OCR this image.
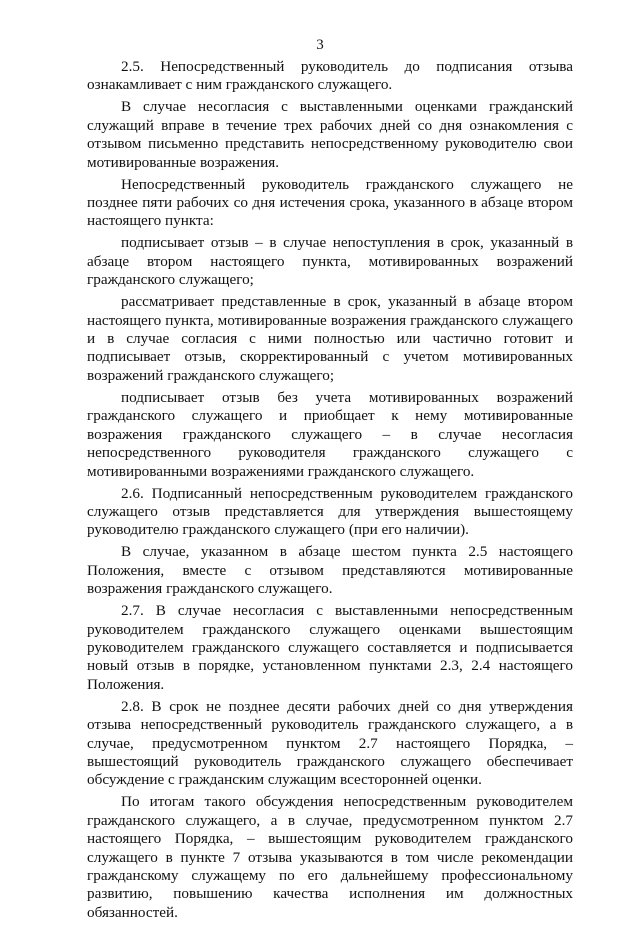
3

2.5. Непосредственный руководитель до подписания отзыва ознакамливает с ним гражданского служащего.

В случае несогласия с выставленными оценками гражданский служащий вправе в течение трех рабочих дней со дня ознакомления с отзывом письменно представить непосредственному руководителю свои мотивированные возражения.

Непосредственный руководитель гражданского служащего не позднее пяти рабочих со дня истечения срока, указанного в абзаце втором настоящего пункта:

подписывает отзыв – в случае непоступления в срок, указанный в абзаце втором настоящего пункта, мотивированных возражений гражданского служащего;

рассматривает представленные в срок, указанный в абзаце втором настоящего пункта, мотивированные возражения гражданского служащего и в случае согласия с ними полностью или частично готовит и подписывает отзыв, скорректированный с учетом мотивированных возражений гражданского служащего;

подписывает отзыв без учета мотивированных возражений гражданского служащего и приобщает к нему мотивированные возражения гражданского служащего – в случае несогласия непосредственного руководителя гражданского служащего с мотивированными возражениями гражданского служащего.

2.6. Подписанный непосредственным руководителем гражданского служащего отзыв представляется для утверждения вышестоящему руководителю гражданского служащего (при его наличии).

В случае, указанном в абзаце шестом пункта 2.5 настоящего Положения, вместе с отзывом представляются мотивированные возражения гражданского служащего.

2.7. В случае несогласия с выставленными непосредственным руководителем гражданского служащего оценками вышестоящим руководителем гражданского служащего составляется и подписывается новый отзыв в порядке, установленном пунктами 2.3, 2.4 настоящего Положения.

2.8. В срок не позднее десяти рабочих дней со дня утверждения отзыва непосредственный руководитель гражданского служащего, а в случае, предусмотренном пунктом 2.7 настоящего Порядка, – вышестоящий руководитель гражданского служащего обеспечивает обсуждение с гражданским служащим всесторонней оценки.

По итогам такого обсуждения непосредственным руководителем гражданского служащего, а в случае, предусмотренном пунктом 2.7 настоящего Порядка, – вышестоящим руководителем гражданского служащего в пункте 7 отзыва указываются в том числе рекомендации гражданскому служащему по его дальнейшему профессиональному развитию, повышению качества исполнения им должностных обязанностей.
